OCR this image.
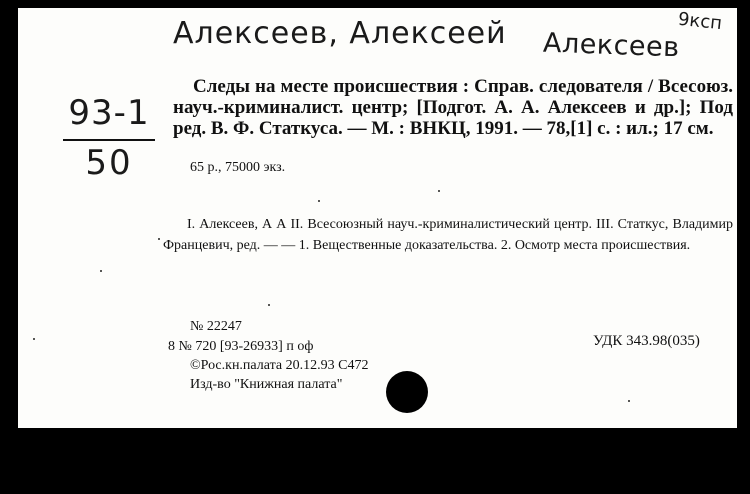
Алексеев, Алексеей	9ксп
Алексеев
93-1
50

Следы на месте происшествия : Справ. следователя / Всесоюз. науч.-криминалист. центр; [Подгот. А. А. Алексеев и др.]; Под ред. В. Ф. Статкуса. — М. : ВНКЦ, 1991. — 78,[1] с. : ил.; 17 см.

65 р., 75000 экз.

I. Алексеев, А А II. Всесоюзный науч.-криминалистический центр. III. Статкус, Владимир Францевич, ред. — — 1. Вещественные доказательства. 2. Осмотр места происшествия.

№ 22247
8 № 720 [93-26933] п оф
©Рос.кн.палата 20.12.93 С472
Изд-во "Книжная палата"
УДК 343.98(035)
